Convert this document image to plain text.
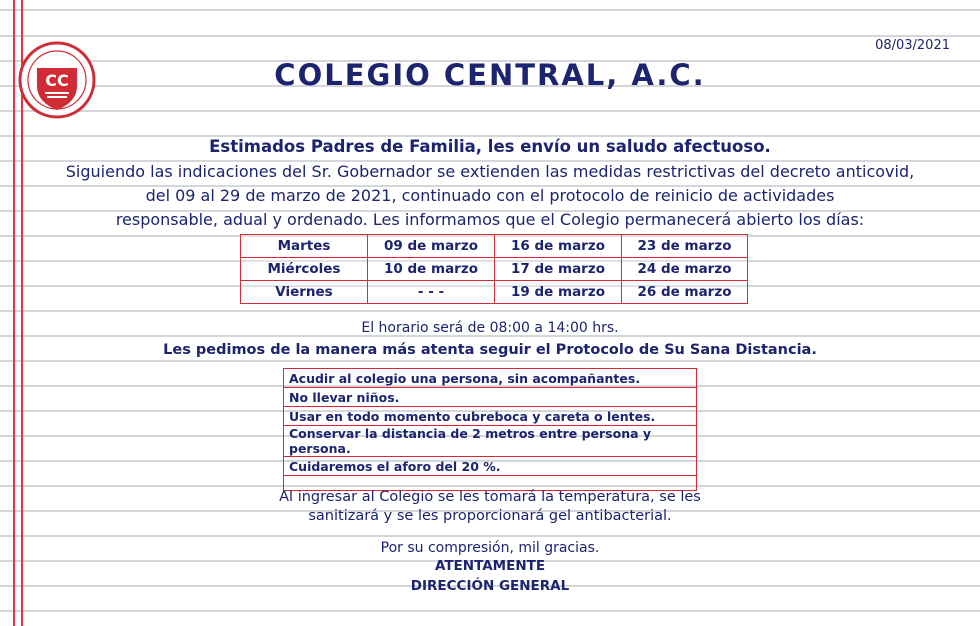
08/03/2021
CC	COLEGIO CENTRAL, A.C.
Estimados Padres de Familia, les envío un saludo afectuoso.
Siguiendo las indicaciones del Sr. Gobernador se extienden las medidas restrictivas del decreto anticovid,
del 09 al 29 de marzo de 2021, continuado con el protocolo de reinicio de actividades
responsable, adual y ordenado. Les informamos que el Colegio permanecerá abierto los días:
Martes	09 de marzo	16 de marzo	23 de marzo
Miércoles	10 de marzo	17 de marzo	24 de marzo
Viernes	- - -	19 de marzo	26 de marzo
El horario será de 08:00 a 14:00 hrs.
Les pedimos de la manera más atenta seguir el Protocolo de Su Sana Distancia.
Acudir al colegio una persona, sin acompañantes.
No llevar niños.
Usar en todo momento cubreboca y careta o lentes.
Conservar la distancia de 2 metros entre persona y persona.
Cuidaremos el aforo del 20 %.

Al ingresar al Colegio se les tomará la temperatura, se les
sanitizará y se les proporcionará gel antibacterial.
Por su compresión, mil gracias.
ATENTAMENTE
DIRECCIÓN GENERAL
